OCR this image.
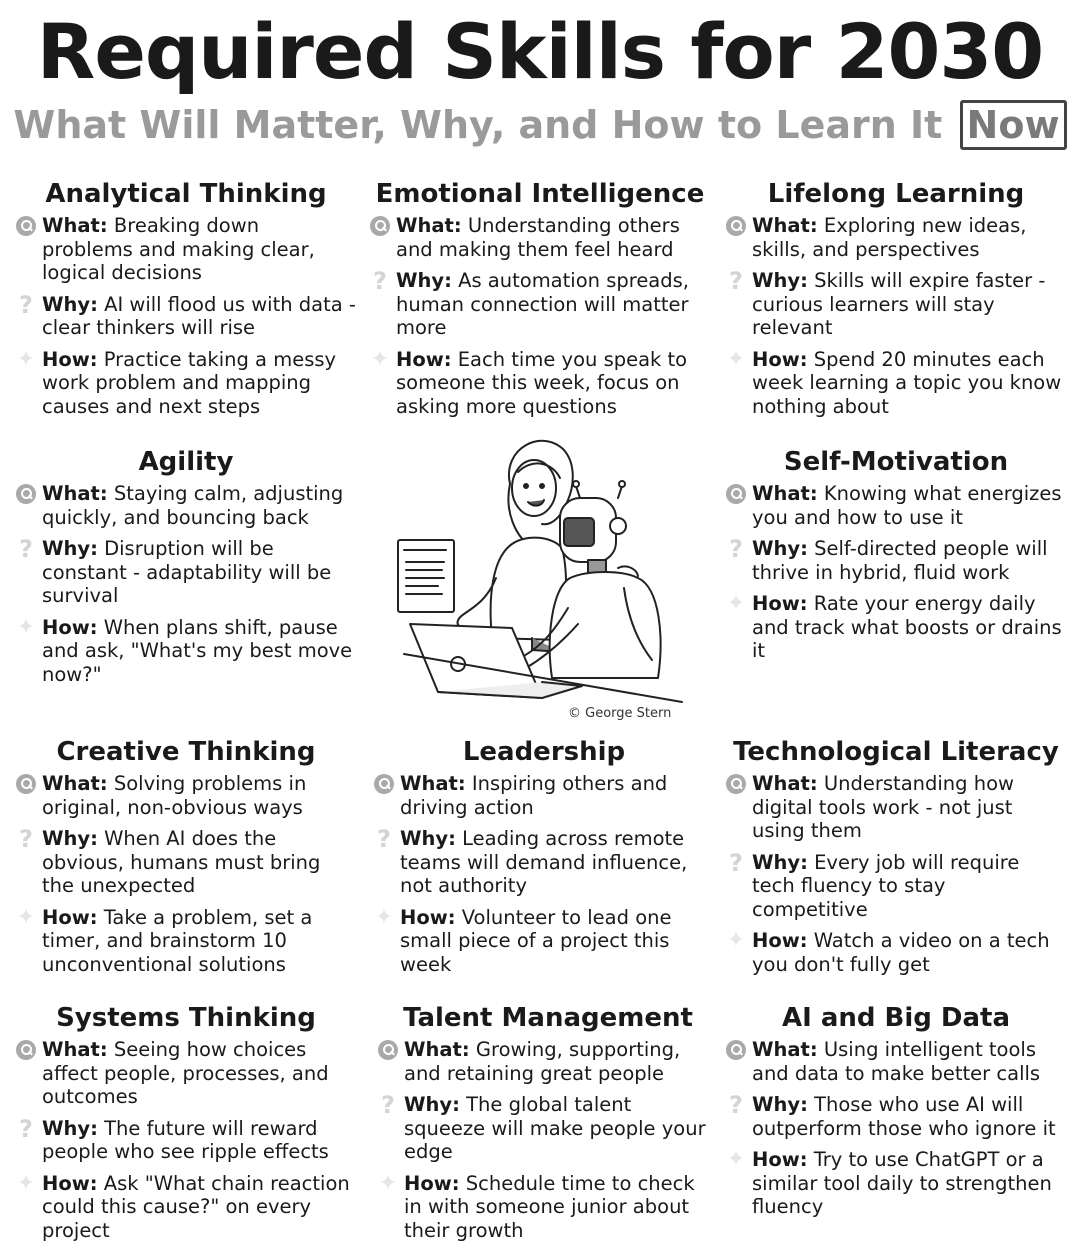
Required Skills for 2030
What Will Matter, Why, and How to Learn It Now
Analytical Thinking
What: Breaking down problems and making clear, logical decisions
? Why: AI will flood us with data - clear thinkers will rise
✦ How: Practice taking a messy work problem and mapping causes and next steps
Emotional Intelligence
What: Understanding others and making them feel heard
? Why: As automation spreads, human connection will matter more
✦ How: Each time you speak to someone this week, focus on asking more questions
Lifelong Learning
What: Exploring new ideas, skills, and perspectives
? Why: Skills will expire faster - curious learners will stay relevant
✦ How: Spend 20 minutes each week learning a topic you know nothing about
Agility
What: Staying calm, adjusting quickly, and bouncing back
? Why: Disruption will be constant - adaptability will be survival
✦ How: When plans shift, pause and ask, "What's my best move now?"
Self-Motivation
What: Knowing what energizes you and how to use it
? Why: Self-directed people will thrive in hybrid, fluid work
✦ How: Rate your energy daily and track what boosts or drains it
Creative Thinking
What: Solving problems in original, non-obvious ways
? Why: When AI does the obvious, humans must bring the unexpected
✦ How: Take a problem, set a timer, and brainstorm 10 unconventional solutions
Leadership
What: Inspiring others and driving action
? Why: Leading across remote teams will demand influence, not authority
✦ How: Volunteer to lead one small piece of a project this week
Technological Literacy
What: Understanding how digital tools work - not just using them
? Why: Every job will require tech fluency to stay competitive
✦ How: Watch a video on a tech you don't fully get
Systems Thinking
What: Seeing how choices affect people, processes, and outcomes
? Why: The future will reward people who see ripple effects
✦ How: Ask "What chain reaction could this cause?" on every project
Talent Management
What: Growing, supporting, and retaining great people
? Why: The global talent squeeze will make people your edge
✦ How: Schedule time to check in with someone junior about their growth
AI and Big Data
What: Using intelligent tools and data to make better calls
? Why: Those who use AI will outperform those who ignore it
✦ How: Try to use ChatGPT or a similar tool daily to strengthen fluency
© George Stern
